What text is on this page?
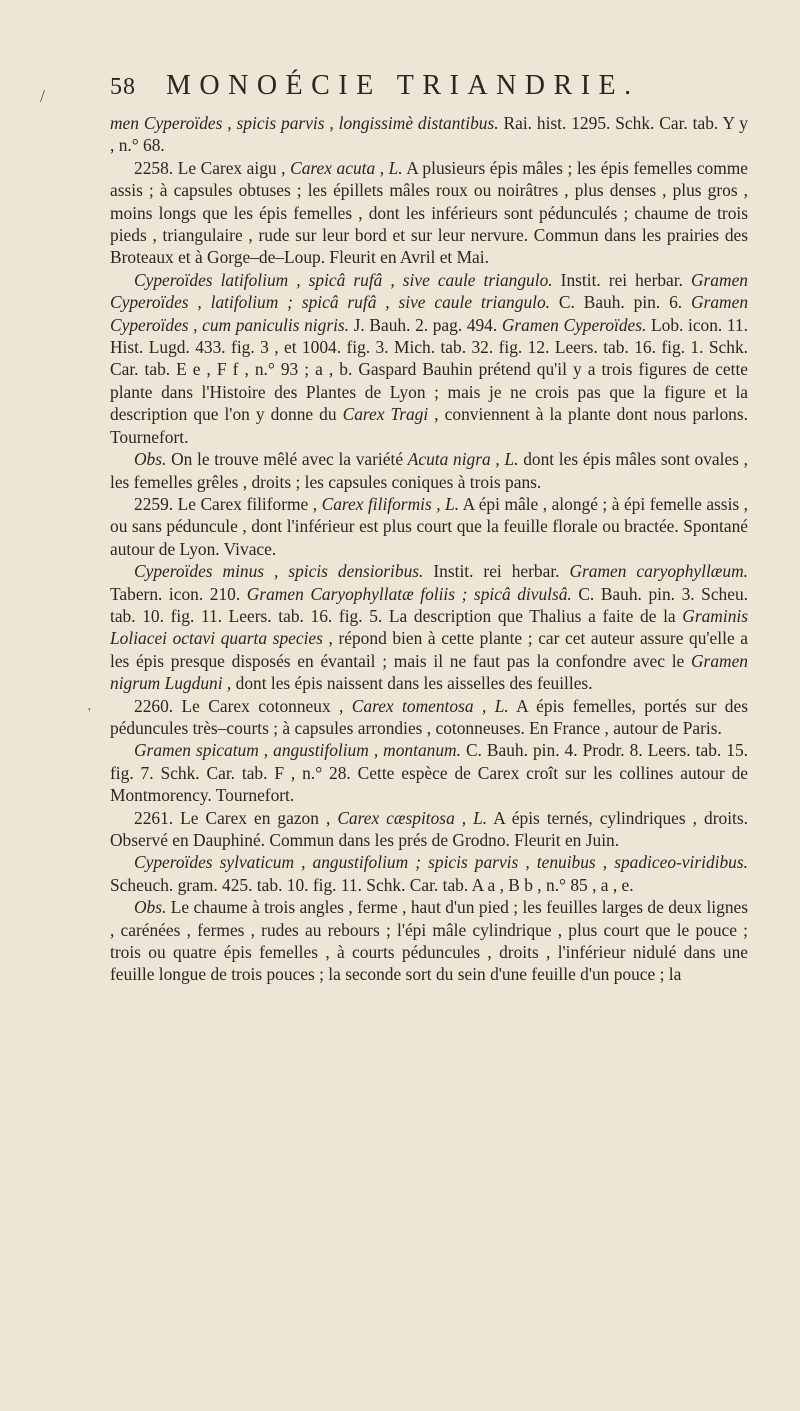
/
'
58 MONOÉCIE TRIANDRIE.

men Cyperoïdes , spicis parvis , longissimè distantibus. Rai. hist. 1295. Schk. Car. tab. Y y , n.° 68.

2258. Le Carex aigu , Carex acuta , L. A plusieurs épis mâles ; les épis femelles comme assis ; à capsules obtuses ; les épillets mâles roux ou noirâtres , plus denses , plus gros , moins longs que les épis femelles , dont les inférieurs sont pédunculés ; chaume de trois pieds , triangulaire , rude sur leur bord et sur leur nervure. Commun dans les prairies des Broteaux et à Gorge–de–Loup. Fleurit en Avril et Mai.

Cyperoïdes latifolium , spicâ rufâ , sive caule triangulo. Instit. rei herbar. Gramen Cyperoïdes , latifolium ; spicâ rufâ , sive caule triangulo. C. Bauh. pin. 6. Gramen Cyperoïdes , cum paniculis nigris. J. Bauh. 2. pag. 494. Gramen Cyperoïdes. Lob. icon. 11. Hist. Lugd. 433. fig. 3 , et 1004. fig. 3. Mich. tab. 32. fig. 12. Leers. tab. 16. fig. 1. Schk. Car. tab. E e , F f , n.° 93 ; a , b. Gaspard Bauhin prétend qu'il y a trois figures de cette plante dans l'Histoire des Plantes de Lyon ; mais je ne crois pas que la figure et la description que l'on y donne du Carex Tragi , conviennent à la plante dont nous parlons. Tournefort.

Obs. On le trouve mêlé avec la variété Acuta nigra , L. dont les épis mâles sont ovales , les femelles grêles , droits ; les capsules coniques à trois pans.

2259. Le Carex filiforme , Carex filiformis , L. A épi mâle , alongé ; à épi femelle assis , ou sans péduncule , dont l'inférieur est plus court que la feuille florale ou bractée. Spontané autour de Lyon. Vivace.

Cyperoïdes minus , spicis densioribus. Instit. rei herbar. Gramen caryophyllæum. Tabern. icon. 210. Gramen Caryophyllatæ foliis ; spicâ divulsâ. C. Bauh. pin. 3. Scheu. tab. 10. fig. 11. Leers. tab. 16. fig. 5. La description que Thalius a faite de la Graminis Loliacei octavi quarta species , répond bien à cette plante ; car cet auteur assure qu'elle a les épis presque disposés en évantail ; mais il ne faut pas la confondre avec le Gramen nigrum Lugduni , dont les épis naissent dans les aisselles des feuilles.

2260. Le Carex cotonneux , Carex tomentosa , L. A épis femelles, portés sur des péduncules très–courts ; à capsules arrondies , cotonneuses. En France , autour de Paris.

Gramen spicatum , angustifolium , montanum. C. Bauh. pin. 4. Prodr. 8. Leers. tab. 15. fig. 7. Schk. Car. tab. F , n.° 28. Cette espèce de Carex croît sur les collines autour de Montmorency. Tournefort.

2261. Le Carex en gazon , Carex cæspitosa , L. A épis ternés, cylindriques , droits. Observé en Dauphiné. Commun dans les prés de Grodno. Fleurit en Juin.

Cyperoïdes sylvaticum , angustifolium ; spicis parvis , tenuibus , spadiceo-viridibus. Scheuch. gram. 425. tab. 10. fig. 11. Schk. Car. tab. A a , B b , n.° 85 , a , e.

Obs. Le chaume à trois angles , ferme , haut d'un pied ; les feuilles larges de deux lignes , carénées , fermes , rudes au rebours ; l'épi mâle cylindrique , plus court que le pouce ; trois ou quatre épis femelles , à courts péduncules , droits , l'inférieur nidulé dans une feuille longue de trois pouces ; la seconde sort du sein d'une feuille d'un pouce ; la
